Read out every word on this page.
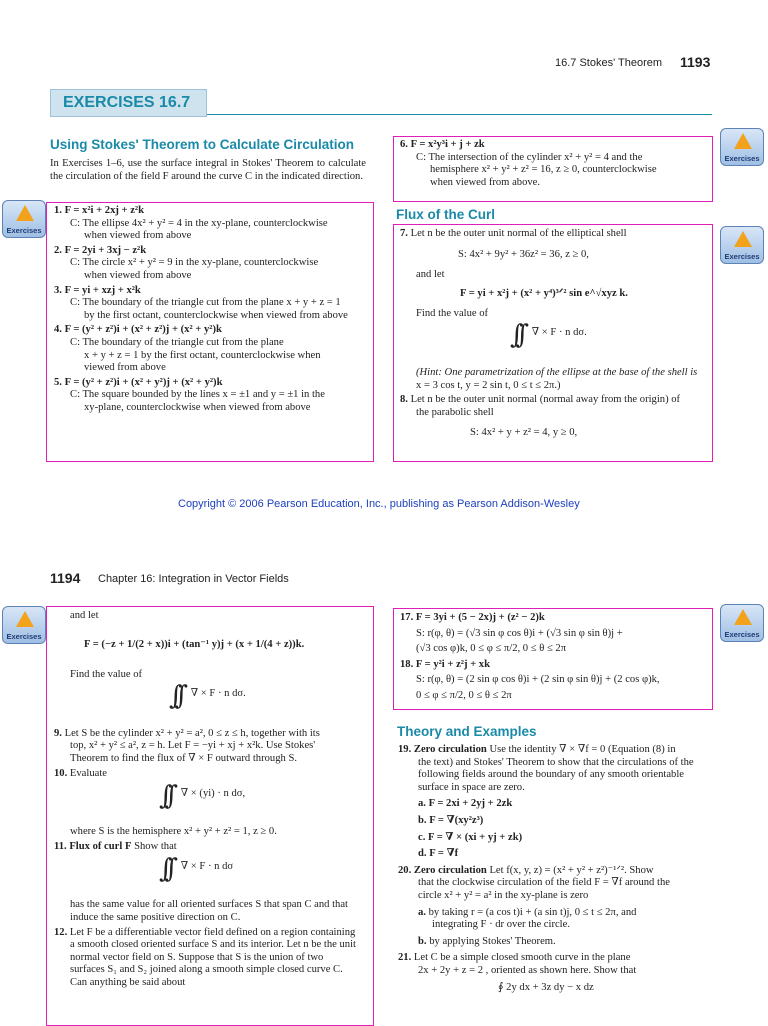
16.7 Stokes' Theorem 1193
EXERCISES 16.7
Using Stokes' Theorem to Calculate Circulation
In Exercises 1–6, use the surface integral in Stokes' Theorem to calculate the circulation of the field F around the curve C in the indicated direction.
Exercises
1. F = x²i + 2xj + z²k
C: The ellipse 4x² + y² = 4 in the xy-plane, counterclockwise
when viewed from above
2. F = 2yi + 3xj − z²k
C: The circle x² + y² = 9 in the xy-plane, counterclockwise
when viewed from above
3. F = yi + xzj + x²k
C: The boundary of the triangle cut from the plane x + y + z = 1
by the first octant, counterclockwise when viewed from above
4. F = (y² + z²)i + (x² + z²)j + (x² + y²)k
C: The boundary of the triangle cut from the plane
x + y + z = 1 by the first octant, counterclockwise when
viewed from above
5. F = (y² + z²)i + (x² + y²)j + (x² + y²)k
C: The square bounded by the lines x = ±1 and y = ±1 in the
xy-plane, counterclockwise when viewed from above
6. F = x²y³i + j + zk
C: The intersection of the cylinder x² + y² = 4 and the
hemisphere x² + y² + z² = 16, z ≥ 0, counterclockwise
when viewed from above.
Exercises
Flux of the Curl
Exercises
7. Let n be the outer unit normal of the elliptical shell
S: 4x² + 9y² + 36z² = 36, z ≥ 0,
and let
F = yi + x²j + (x² + y⁴)³ᐟ² sin e^√xyz k.
Find the value of
∫∫ ∇ × F · n dσ.
(Hint: One parametrization of the ellipse at the base of the shell is
x = 3 cos t, y = 2 sin t, 0 ≤ t ≤ 2π.)
8. Let n be the outer unit normal (normal away from the origin) of
the parabolic shell
S: 4x² + y + z² = 4, y ≥ 0,
Copyright © 2006 Pearson Education, Inc., publishing as Pearson Addison-Wesley
1194 Chapter 16: Integration in Vector Fields
Exercises
and let
F = (−z + 1/(2 + x))i + (tan⁻¹ y)j + (x + 1/(4 + z))k.
Find the value of
∫∫ ∇ × F · n dσ.
9. Let S be the cylinder x² + y² = a², 0 ≤ z ≤ h, together with its
top, x² + y² ≤ a², z = h. Let F = −yi + xj + x²k. Use Stokes'
Theorem to find the flux of ∇ × F outward through S.
10. Evaluate
∫∫ ∇ × (yi) · n dσ,
where S is the hemisphere x² + y² + z² = 1, z ≥ 0.
11. Flux of curl F Show that
∫∫ ∇ × F · n dσ
has the same value for all oriented surfaces S that span C and that
induce the same positive direction on C.
12. Let F be a differentiable vector field defined on a region containing
a smooth closed oriented surface S and its interior. Let n be the unit
normal vector field on S. Suppose that S is the union of two
surfaces S₁ and S₂ joined along a smooth simple closed curve C.
Can anything be said about
17. F = 3yi + (5 − 2x)j + (z² − 2)k
S: r(φ, θ) = (√3 sin φ cos θ)i + (√3 sin φ sin θ)j +
(√3 cos φ)k, 0 ≤ φ ≤ π/2, 0 ≤ θ ≤ 2π
18. F = y²i + z²j + xk
S: r(φ, θ) = (2 sin φ cos θ)i + (2 sin φ sin θ)j + (2 cos φ)k,
0 ≤ φ ≤ π/2, 0 ≤ θ ≤ 2π
Exercises
Theory and Examples
19. Zero circulation Use the identity ∇ × ∇f = 0 (Equation (8) in
the text) and Stokes' Theorem to show that the circulations of the
following fields around the boundary of any smooth orientable
surface in space are zero.
a. F = 2xi + 2yj + 2zk
b. F = ∇(xy²z³)
c. F = ∇ × (xi + yj + zk)
d. F = ∇f
20. Zero circulation Let f(x, y, z) = (x² + y² + z²)⁻¹ᐟ². Show
that the clockwise circulation of the field F = ∇f around the
circle x² + y² = a² in the xy-plane is zero
a. by taking r = (a cos t)i + (a sin t)j, 0 ≤ t ≤ 2π, and
integrating F · dr over the circle.
b. by applying Stokes' Theorem.
21. Let C be a simple closed smooth curve in the plane
2x + 2y + z = 2 , oriented as shown here. Show that
∮ 2y dx + 3z dy − x dz
